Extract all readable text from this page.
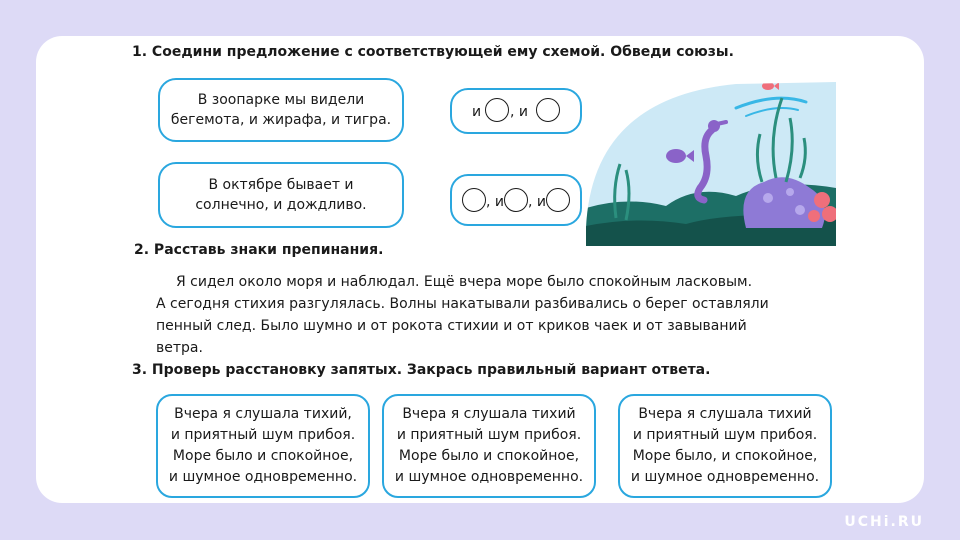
1. Соедини предложение с соответствующей ему схемой. Обведи союзы.
В зоопарке мы видели
бегемота, и жирафа, и тигра.
В октябре бывает и
солнечно, и дождливо.
и , и
, и , и
2. Расставь знаки препинания.
Я сидел около моря и наблюдал. Ещё вчера море было спокойным ласковым.
А сегодня стихия разгулялась. Волны накатывали разбивались о берег оставляли
пенный след. Было шумно и от рокота стихии и от криков чаек и от завываний
ветра.
3. Проверь расстановку запятых. Закрась правильный вариант ответа.
Вчера я слушала тихий,
и приятный шум прибоя.
Море было и спокойное,
и шумное одновременно.
Вчера я слушала тихий
и приятный шум прибоя.
Море было и спокойное,
и шумное одновременно.
Вчера я слушала тихий
и приятный шум прибоя.
Море было, и спокойное,
и шумное одновременно.
UCHi.RU
